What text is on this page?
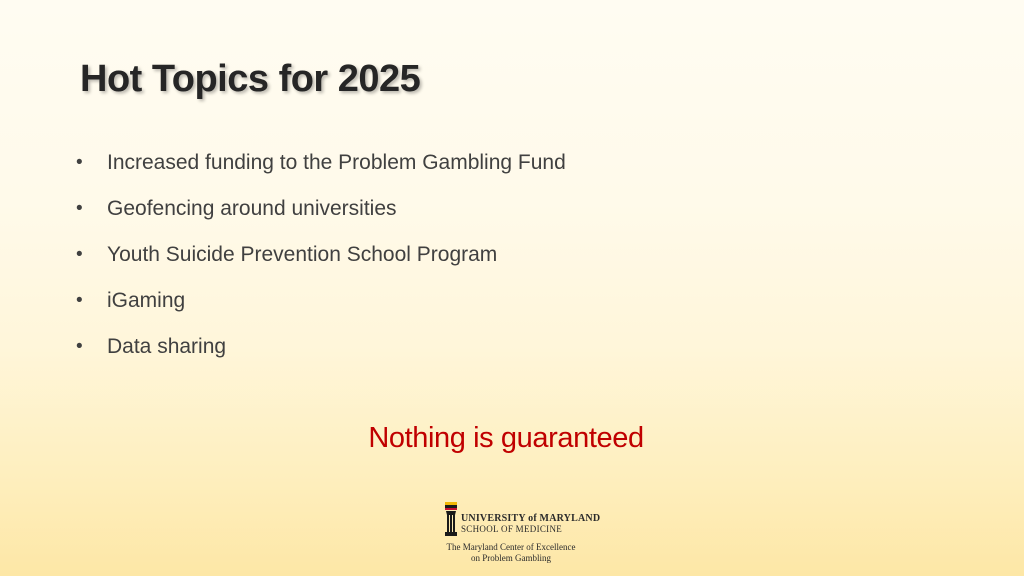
Hot Topics for 2025
•	Increased funding to the Problem Gambling Fund
•	Geofencing around universities
•	Youth Suicide Prevention School Program
•	iGaming
•	Data sharing
Nothing is guaranteed
UNIVERSITY of MARYLAND
SCHOOL OF MEDICINE
The Maryland Center of Excellence
on Problem Gambling
